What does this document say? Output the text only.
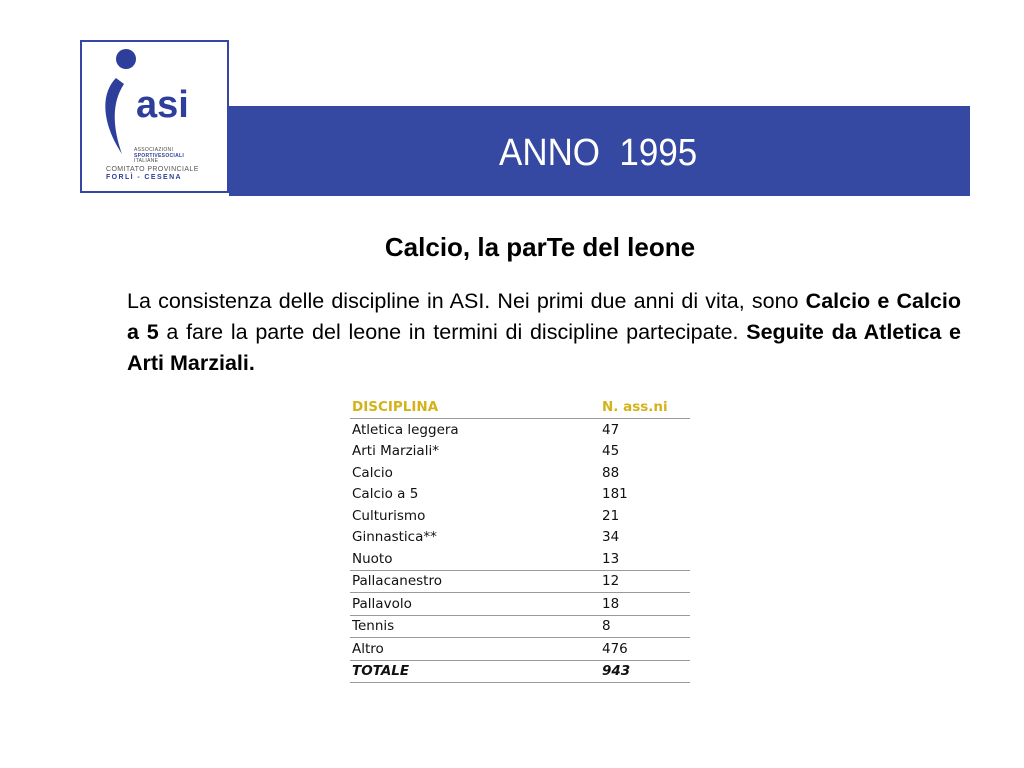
asi
ASSOCIAZIONI
SPORTIVESOCIALI
ITALIANE
COMITATO PROVINCIALE
FORLÌ - CESENA
ANNO  1995
Calcio, la parTe del leone
La consistenza delle discipline in ASI. Nei primi due anni di vita, sono Calcio e Calcio a 5 a fare la parte del leone in termini di discipline partecipate. Seguite da Atletica e Arti Marziali.
DISCIPLINA	N. ass.ni
Atletica leggera	47
Arti Marziali*	45
Calcio	88
Calcio a 5	181
Culturismo	21
Ginnastica**	34
Nuoto	13
Pallacanestro	12
Pallavolo	18
Tennis	8
Altro	476
TOTALE	943
